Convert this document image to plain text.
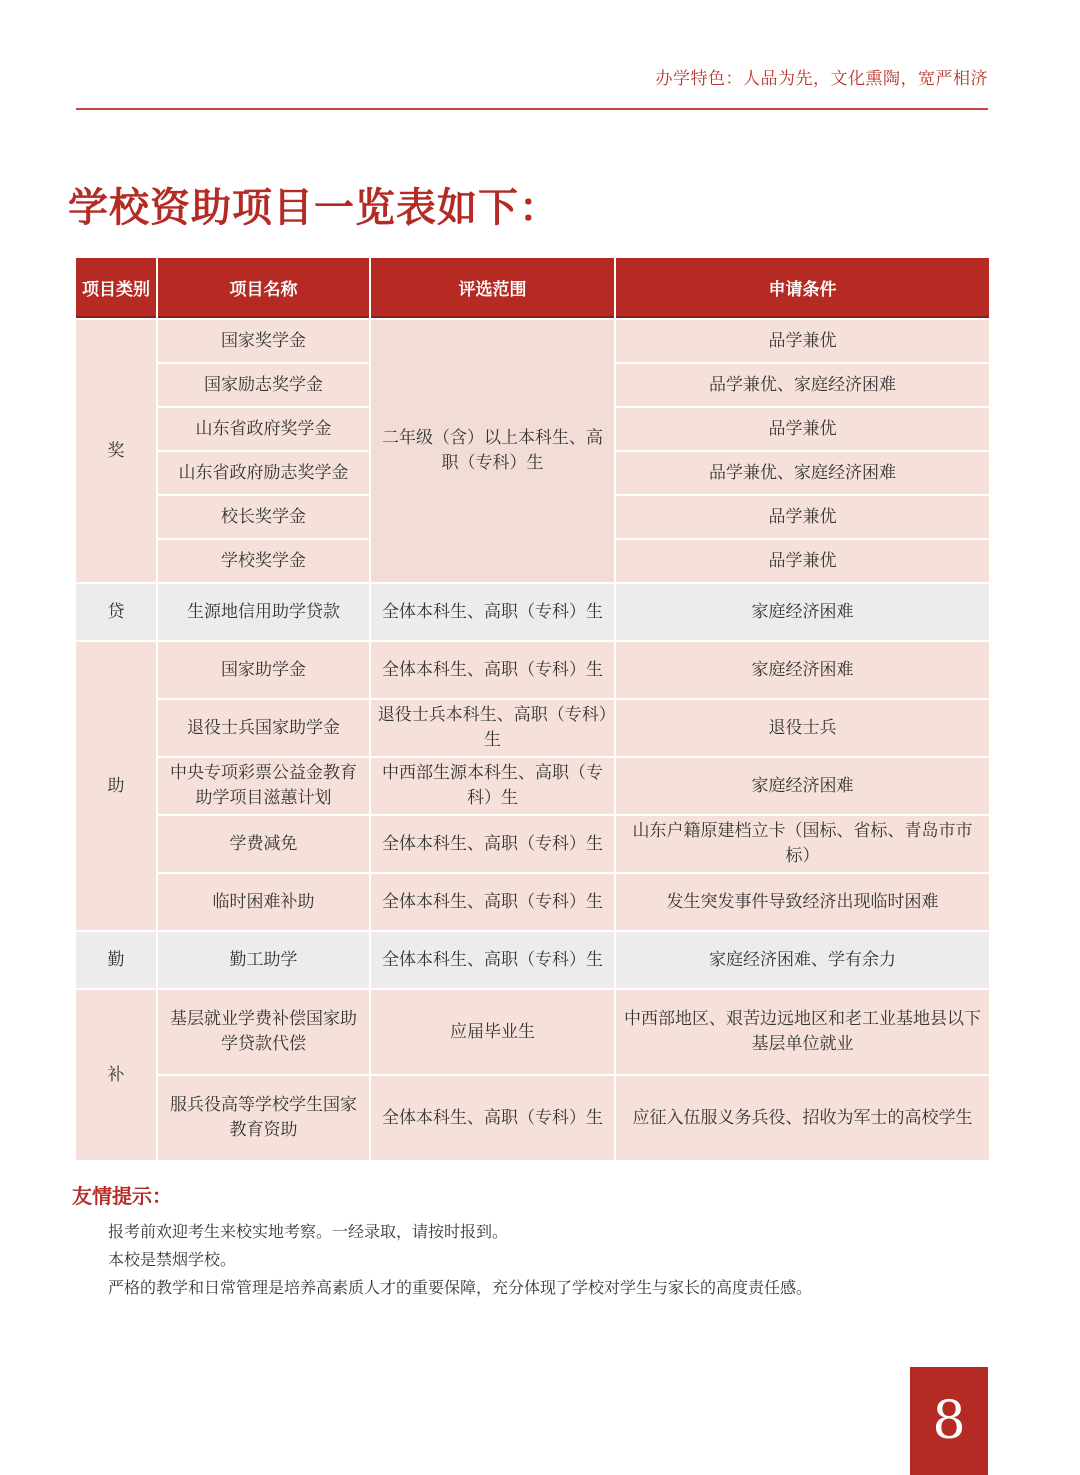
办学特色：人品为先，文化熏陶，宽严相济
学校资助项目一览表如下：
项目类别	项目名称	评选范围	申请条件
奖	国家奖学金	二年级（含）以上本科生、高职（专科）生	品学兼优
	国家励志奖学金		品学兼优、家庭经济困难
	山东省政府奖学金		品学兼优
	山东省政府励志奖学金		品学兼优、家庭经济困难
	校长奖学金		品学兼优
	学校奖学金		品学兼优
贷	生源地信用助学贷款	全体本科生、高职（专科）生	家庭经济困难
助	国家助学金	全体本科生、高职（专科）生	家庭经济困难
	退役士兵国家助学金	退役士兵本科生、高职（专科）生	退役士兵
	中央专项彩票公益金教育助学项目滋蕙计划	中西部生源本科生、高职（专科）生	家庭经济困难
	学费减免	全体本科生、高职（专科）生	山东户籍原建档立卡（国标、省标、青岛市市标）
	临时困难补助	全体本科生、高职（专科）生	发生突发事件导致经济出现临时困难
勤	勤工助学	全体本科生、高职（专科）生	家庭经济困难、学有余力
补	基层就业学费补偿国家助学贷款代偿	应届毕业生	中西部地区、艰苦边远地区和老工业基地县以下基层单位就业
	服兵役高等学校学生国家教育资助	全体本科生、高职（专科）生	应征入伍服义务兵役、招收为军士的高校学生
友情提示：
报考前欢迎考生来校实地考察。一经录取，请按时报到。
本校是禁烟学校。
严格的教学和日常管理是培养高素质人才的重要保障，充分体现了学校对学生与家长的高度责任感。
8
